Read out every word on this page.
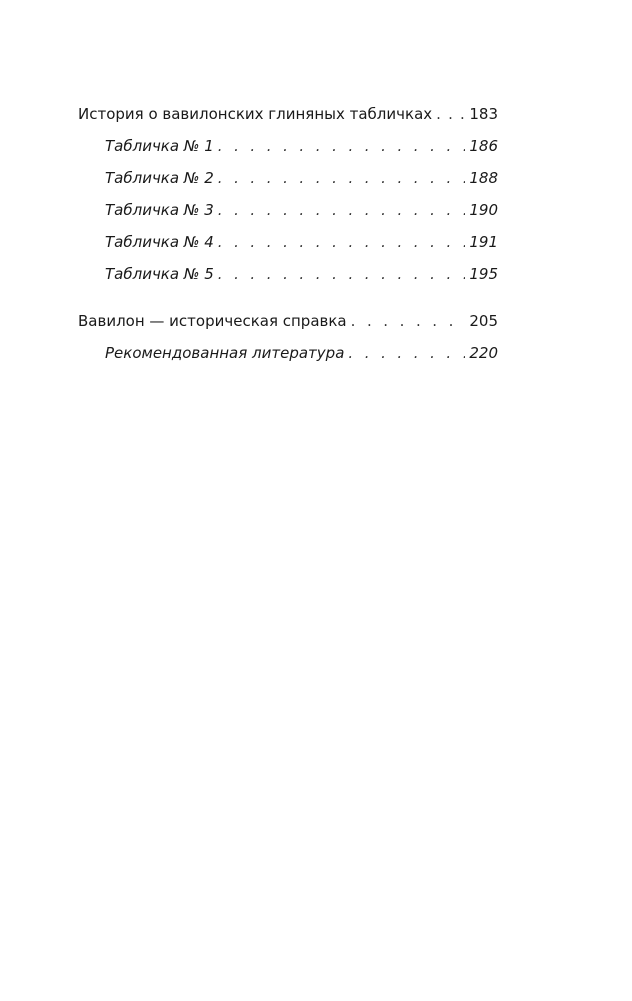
История о вавилонских глиняных табличках . . . 183
Табличка № 1 . . .	186
Табличка № 2 . . .	188
Табличка № 3 . . .	190
Табличка № 4 . . .	191
Табличка № 5 . . .	195
Вавилон — историческая справка . . .	205
Рекомендованная литература . . .	220
